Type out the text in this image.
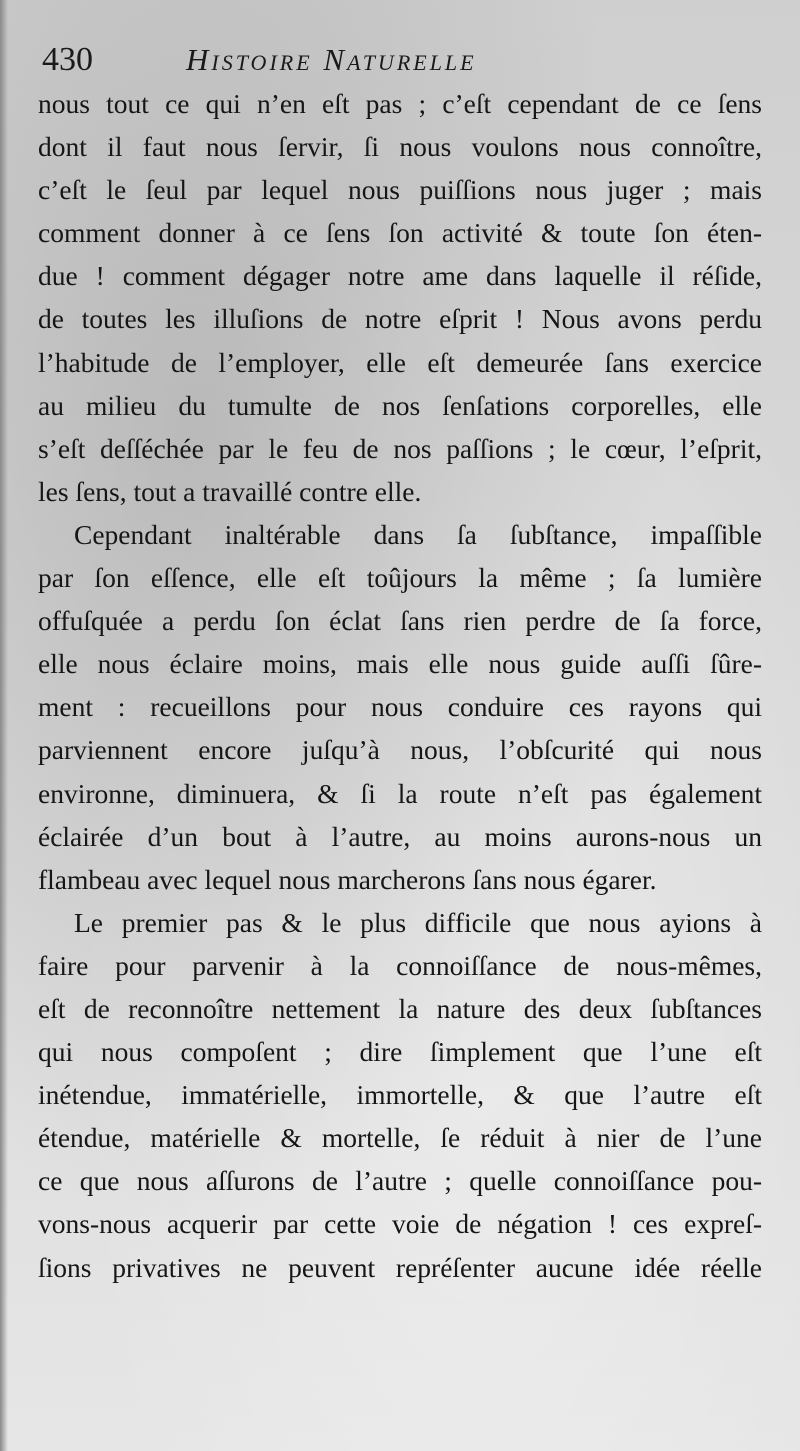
430	Histoire Naturelle

nous tout ce qui n’en eſt pas ; c’eſt cependant de ce ſens
dont il faut nous ſervir, ſi nous voulons nous connoître,
c’eſt le ſeul par lequel nous puiſſions nous juger ; mais
comment donner à ce ſens ſon activité & toute ſon éten-
due ! comment dégager notre ame dans laquelle il réſide,
de toutes les illuſions de notre eſprit ! Nous avons perdu
l’habitude de l’employer, elle eſt demeurée ſans exercice
au milieu du tumulte de nos ſenſations corporelles, elle
s’eſt deſſéchée par le feu de nos paſſions ; le cœur, l’eſprit,
les ſens, tout a travaillé contre elle.

Cependant inaltérable dans ſa ſubſtance, impaſſible
par ſon eſſence, elle eſt toûjours la même ; ſa lumière
offuſquée a perdu ſon éclat ſans rien perdre de ſa force,
elle nous éclaire moins, mais elle nous guide auſſi ſûre-
ment : recueillons pour nous conduire ces rayons qui
parviennent encore juſqu’à nous, l’obſcurité qui nous
environne, diminuera, & ſi la route n’eſt pas également
éclairée d’un bout à l’autre, au moins aurons-nous un
flambeau avec lequel nous marcherons ſans nous égarer.

Le premier pas & le plus difficile que nous ayions à
faire pour parvenir à la connoiſſance de nous-mêmes,
eſt de reconnoître nettement la nature des deux ſubſtances
qui nous compoſent ; dire ſimplement que l’une eſt
inétendue, immatérielle, immortelle, & que l’autre eſt
étendue, matérielle & mortelle, ſe réduit à nier de l’une
ce que nous aſſurons de l’autre ; quelle connoiſſance pou-
vons-nous acquerir par cette voie de négation ! ces expreſ-
ſions privatives ne peuvent repréſenter aucune idée réelle
